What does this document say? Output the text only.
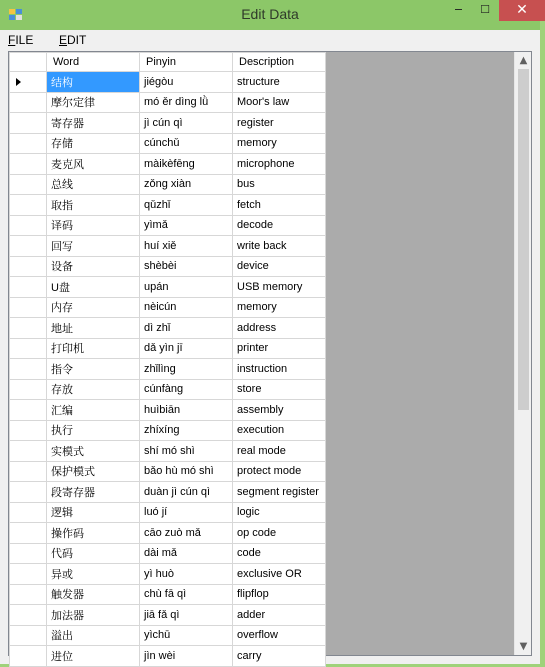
Edit Data	‒	☐	✕
FILE EDIT
	Word	Pinyin	Description

	结构	jiégòu	structure
	摩尔定律	mó ěr dìng lǜ	Moor's law
	寄存器	jì cún qì	register
	存储	cúnchǔ	memory
	麦克风	màikèfēng	microphone
	总线	zǒng xiàn	bus
	取指	qǔzhǐ	fetch
	译码	yìmǎ	decode
	回写	huí xiě	write back
	设备	shèbèi	device
	U盘	upán	USB memory
	内存	nèicún	memory
	地址	dì zhǐ	address
	打印机	dǎ yìn jī	printer
	指令	zhǐlìng	instruction
	存放	cúnfàng	store
	汇编	huìbiān	assembly
	执行	zhíxíng	execution
	实模式	shí mó shì	real mode
	保护模式	bǎo hù mó shì	protect mode
	段寄存器	duàn jì cún qì	segment register
	逻辑	luó jí	logic
	操作码	cāo zuò mǎ	op code
	代码	dài mǎ	code
	异或	yì huò	exclusive OR
	触发器	chù fā qì	flipflop
	加法器	jiā fǎ qì	adder
	溢出	yìchū	overflow
	进位	jìn wèi	carry
▲
▼
